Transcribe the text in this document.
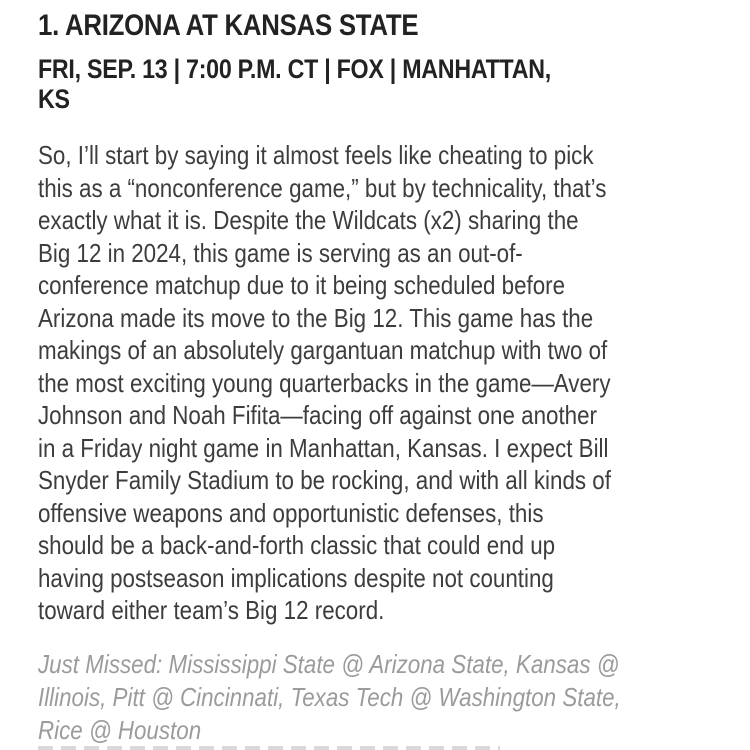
1. ARIZONA AT KANSAS STATE
FRI, SEP. 13 | 7:00 P.M. CT | FOX | MANHATTAN,
KS

So, I’ll start by saying it almost feels like cheating to pick
this as a “nonconference game,” but by technicality, that’s
exactly what it is. Despite the Wildcats (x2) sharing the
Big 12 in 2024, this game is serving as an out-of-
conference matchup due to it being scheduled before
Arizona made its move to the Big 12. This game has the
makings of an absolutely gargantuan matchup with two of
the most exciting young quarterbacks in the game—Avery
Johnson and Noah Fifita—facing off against one another
in a Friday night game in Manhattan, Kansas. I expect Bill
Snyder Family Stadium to be rocking, and with all kinds of
offensive weapons and opportunistic defenses, this
should be a back-and-forth classic that could end up
having postseason implications despite not counting
toward either team’s Big 12 record.

Just Missed: Mississippi State @ Arizona State, Kansas @
Illinois, Pitt @ Cincinnati, Texas Tech @ Washington State,
Rice @ Houston
